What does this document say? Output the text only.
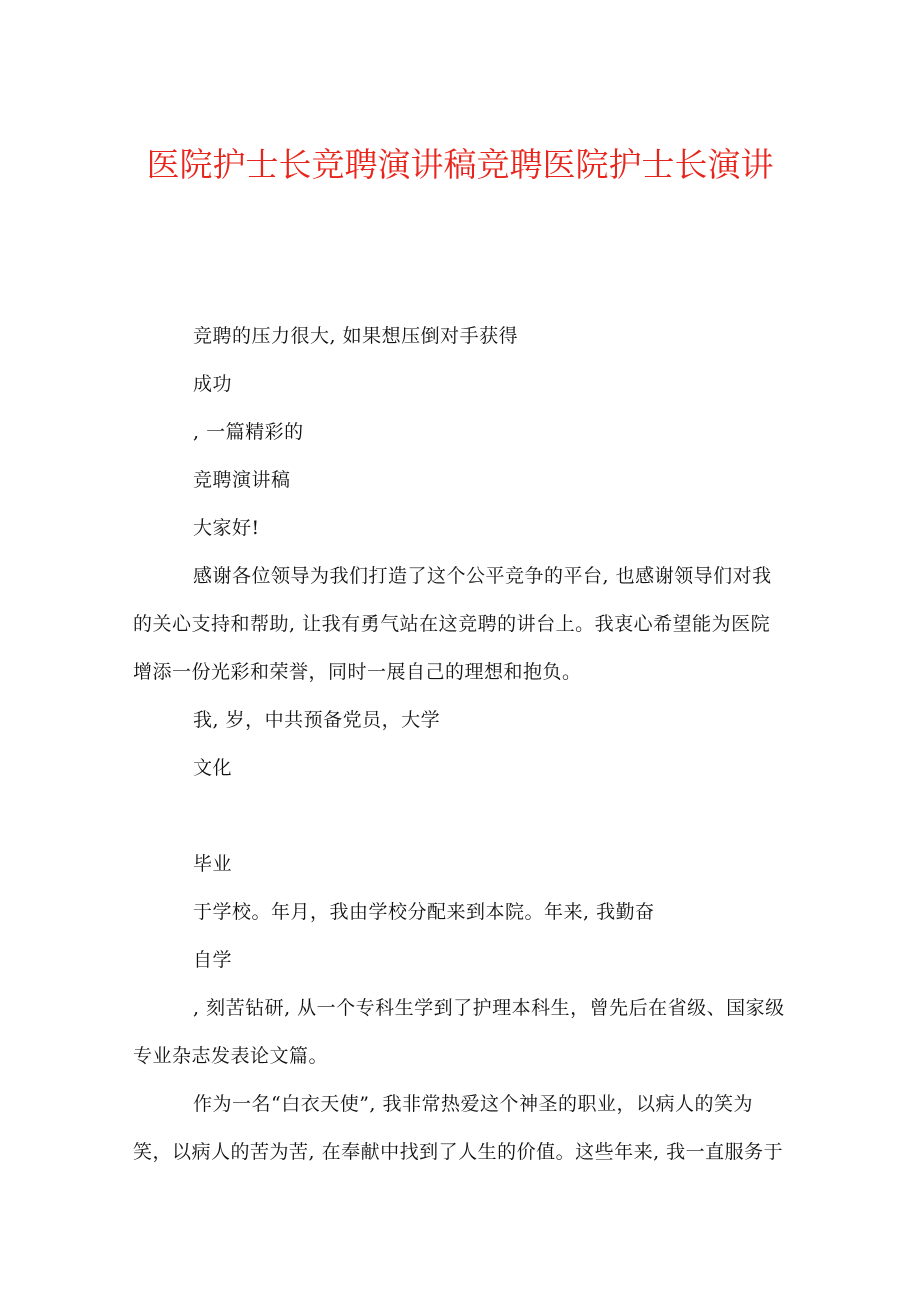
医院护士长竞聘演讲稿竞聘医院护士长演讲
竞聘的压力很大, 如果想压倒对手获得
成功
, 一篇精彩的
竞聘演讲稿
大家好!
感谢各位领导为我们打造了这个公平竞争的平台, 也感谢领导们对我
的关心支持和帮助, 让我有勇气站在这竞聘的讲台上。我衷心希望能为医院
增添一份光彩和荣誉，同时一展自己的理想和抱负。
我, 岁，中共预备党员，大学
文化
毕业
于学校。年月，我由学校分配来到本院。年来, 我勤奋
自学
, 刻苦钻研, 从一个专科生学到了护理本科生，曾先后在省级、国家级
专业杂志发表论文篇。
作为一名“白衣天使”, 我非常热爱这个神圣的职业，以病人的笑为
笑，以病人的苦为苦, 在奉献中找到了人生的价值。这些年来, 我一直服务于
